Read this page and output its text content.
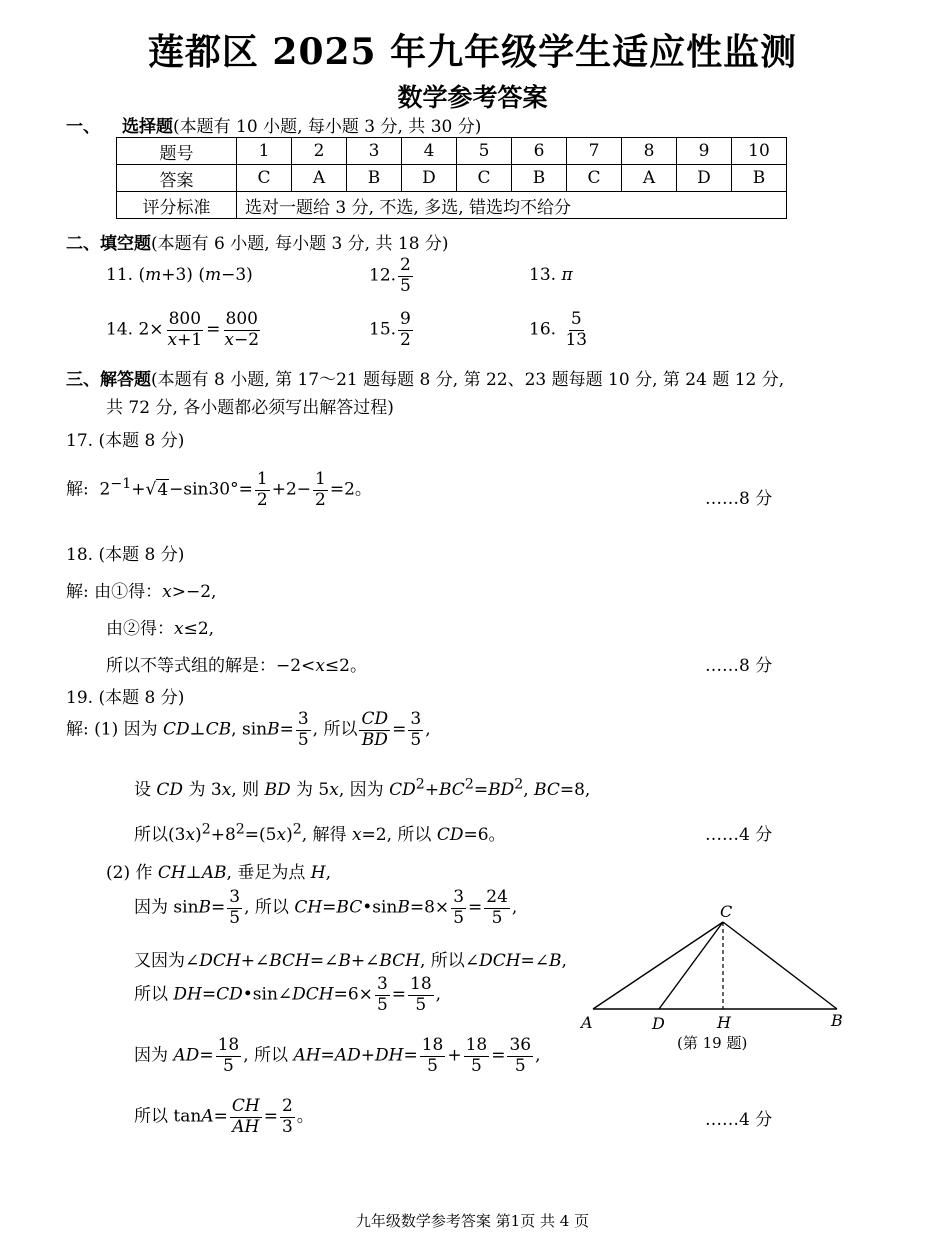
莲都区 2025 年九年级学生适应性监测
数学参考答案
一、 选择题(本题有 10 小题, 每小题 3 分, 共 30 分)
题号	1	2	3	4	5	6	7	8	9	10
答案	C	A	B	D	C	B	C	A	D	B
评分标准	选对一题给 3 分, 不选, 多选, 错选均不给分									
二、填空题(本题有 6 小题, 每小题 3 分, 共 18 分)
11. (m+3) (m−3)	12. $\frac{2}{5}$	13. π
14. $2\times \frac{800}{x+1} = \frac{800}{x-2}$	15. $\frac{9}{2}$	16. $\frac{5}{13}$
三、解答题(本题有 8 小题, 第 17～21 题每题 8 分, 第 22、23 题每题 10 分, 第 24 题 12 分,
共 72 分, 各小题都必须写出解答过程)
17. (本题 8 分)
解:  $2^{-1}+√4-\sin 30^\circ= \frac{1}{2} +2- \frac{1}{2} =2$。	……8 分
18. (本题 8 分)
解: 由①得：x>−2,
由②得：x≤2,
所以不等式组的解是：−2<x≤2。	……8 分
19. (本题 8 分)
解: (1) 因为 CD⊥CB, $\sin B= \frac{3}{5}$ , 所以 $\frac{CD}{BD} = \frac{3}{5}$ ,
设 CD 为 3x, 则 BD 为 5x, 因为 $CD^2+BC^2=BD^2$, BC=8,
所以$(3x)^2+8^2=(5x)^2$, 解得 x=2, 所以 CD=6。	……4 分
(2) 作 CH⊥AB, 垂足为点 H,
因为 $\sin B= \frac{3}{5}$ , 所以 CH=BC•sinB=8× $\frac{3}{5} = \frac{24}{5}$ ,
又因为∠DCH+∠BCH=∠B+∠BCH, 所以∠DCH=∠B,
所以 DH=CD•sin∠DCH=6× $\frac{3}{5} = \frac{18}{5}$ ,
因为 $AD= \frac{18}{5}$ , 所以 $AH=AD+DH= \frac{18}{5} + \frac{18}{5} = \frac{36}{5}$ ,
所以 $\tan A= \frac{CH}{AH} = \frac{2}{3}$ 。	……4 分
C
A	D	H	B
(第 19 题)
九年级数学参考答案 第1页 共 4 页
